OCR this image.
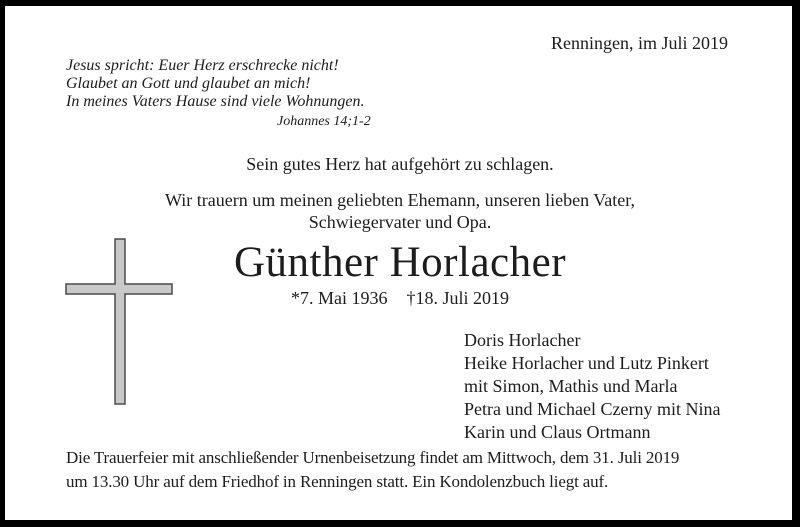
Renningen, im Juli 2019
Jesus spricht: Euer Herz erschrecke nicht!
Glaubet an Gott und glaubet an mich!
In meines Vaters Hause sind viele Wohnungen.
Johannes 14;1-2
Sein gutes Herz hat aufgehört zu schlagen.
Wir trauern um meinen geliebten Ehemann, unseren lieben Vater,
Schwiegervater und Opa.
Günther Horlacher
*7. Mai 1936 †18. Juli 2019
Doris Horlacher
Heike Horlacher und Lutz Pinkert
mit Simon, Mathis und Marla
Petra und Michael Czerny mit Nina
Karin und Claus Ortmann
Die Trauerfeier mit anschließender Urnenbeisetzung findet am Mittwoch, dem 31. Juli 2019
um 13.30 Uhr auf dem Friedhof in Renningen statt. Ein Kondolenzbuch liegt auf.
